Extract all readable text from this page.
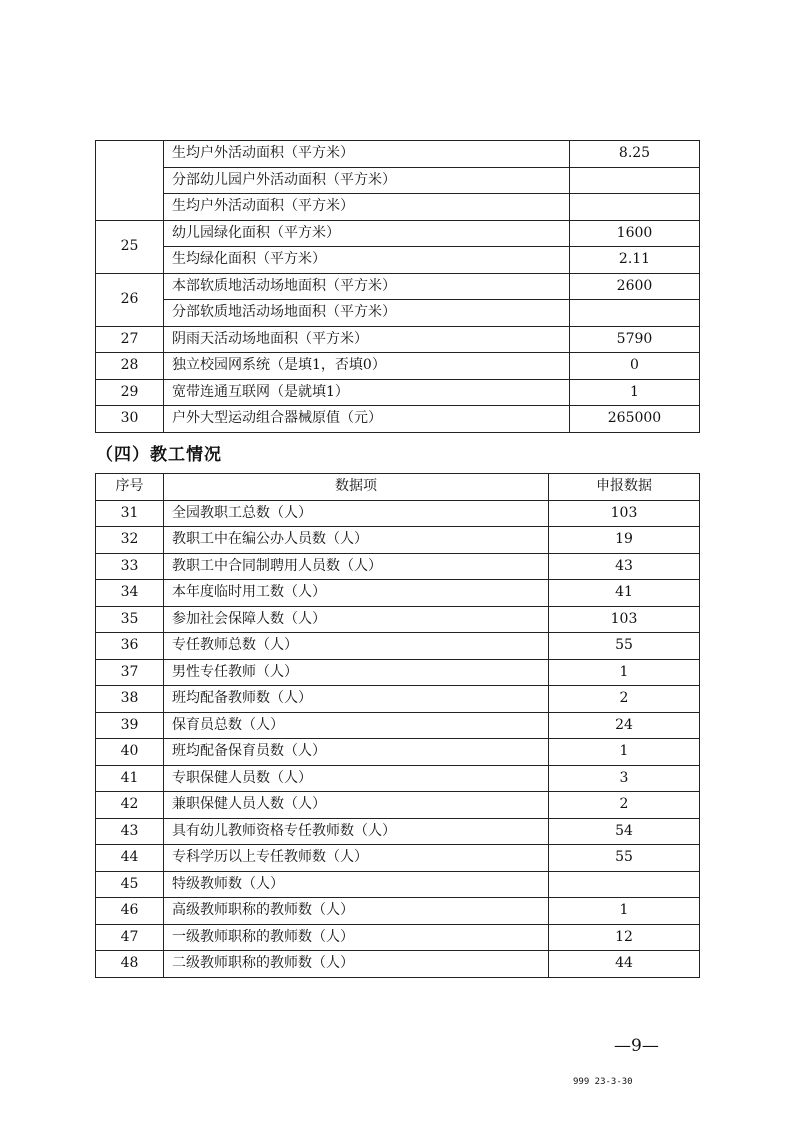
	生均户外活动面积（平方米）	8.25
	分部幼儿园户外活动面积（平方米）	
	生均户外活动面积（平方米）	
25	幼儿园绿化面积（平方米）	1600
	生均绿化面积（平方米）	2.11
26	本部软质地活动场地面积（平方米）	2600
	分部软质地活动场地面积（平方米）	
27	阴雨天活动场地面积（平方米）	5790
28	独立校园网系统（是填1，否填0）	0
29	宽带连通互联网（是就填1）	1
30	户外大型运动组合器械原值（元）	265000
（四）教工情况
序号	数据项	申报数据
31	全园教职工总数（人）	103
32	教职工中在编公办人员数（人）	19
33	教职工中合同制聘用人员数（人）	43
34	本年度临时用工数（人）	41
35	参加社会保障人数（人）	103
36	专任教师总数（人）	55
37	男性专任教师（人）	1
38	班均配备教师数（人）	2
39	保育员总数（人）	24
40	班均配备保育员数（人）	1
41	专职保健人员数（人）	3
42	兼职保健人员人数（人）	2
43	具有幼儿教师资格专任教师数（人）	54
44	专科学历以上专任教师数（人）	55
45	特级教师数（人）	
46	高级教师职称的教师数（人）	1
47	一级教师职称的教师数（人）	12
48	二级教师职称的教师数（人）	44
—9—
999 23-3-30
